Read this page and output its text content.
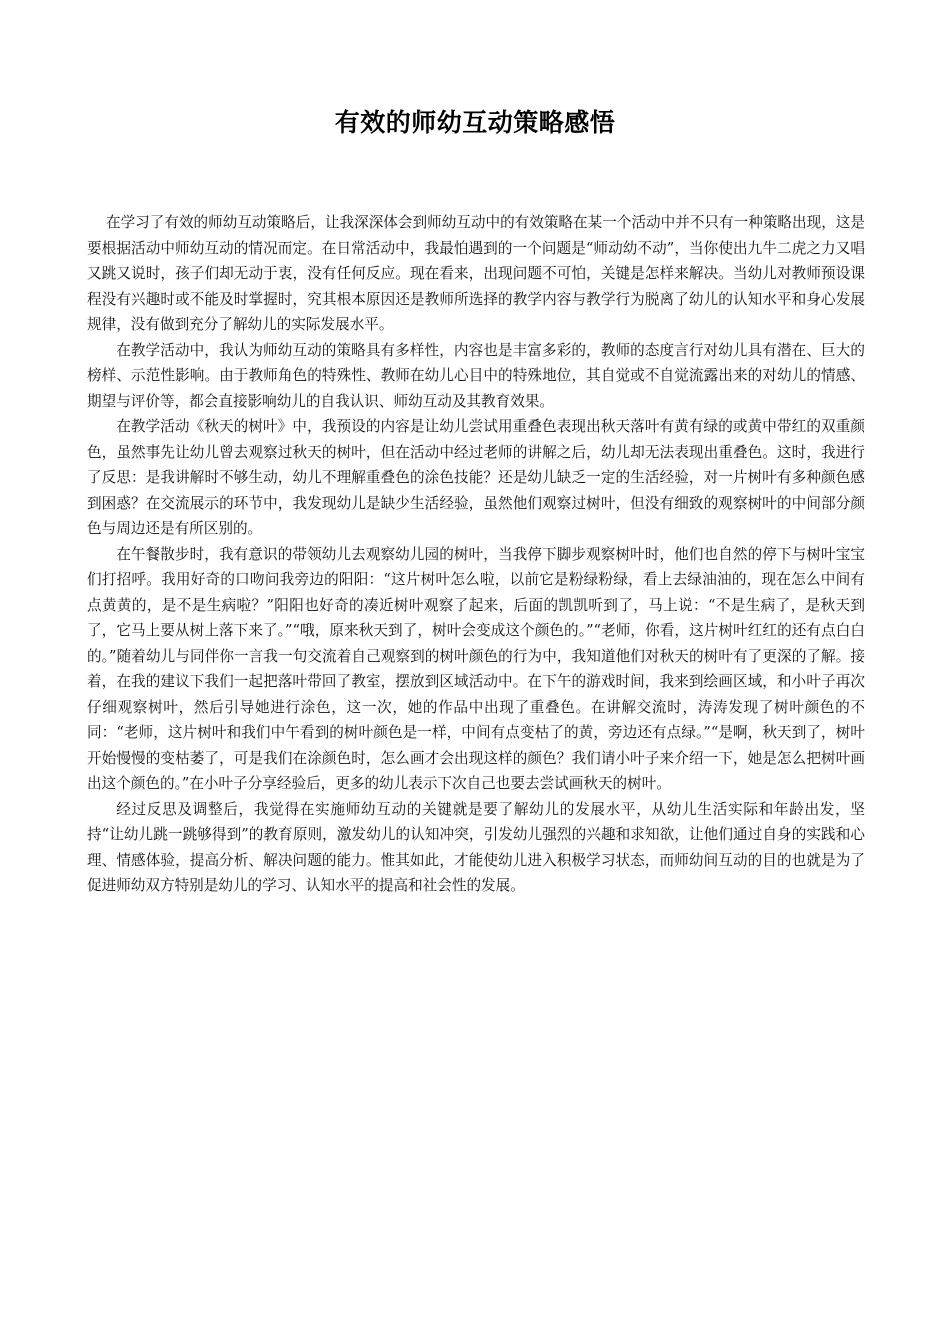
有效的师幼互动策略感悟

在学习了有效的师幼互动策略后，让我深深体会到师幼互动中的有效策略在某一个活动中并不只有一种策略出现，这是要根据活动中师幼互动的情况而定。在日常活动中，我最怕遇到的一个问题是“师动幼不动”，当你使出九牛二虎之力又唱又跳又说时，孩子们却无动于衷，没有任何反应。现在看来，出现问题不可怕，关键是怎样来解决。当幼儿对教师预设课程没有兴趣时或不能及时掌握时，究其根本原因还是教师所选择的教学内容与教学行为脱离了幼儿的认知水平和身心发展规律，没有做到充分了解幼儿的实际发展水平。

在教学活动中，我认为师幼互动的策略具有多样性，内容也是丰富多彩的，教师的态度言行对幼儿具有潜在、巨大的榜样、示范性影响。由于教师角色的特殊性、教师在幼儿心目中的特殊地位，其自觉或不自觉流露出来的对幼儿的情感、期望与评价等，都会直接影响幼儿的自我认识、师幼互动及其教育效果。

在教学活动《秋天的树叶》中，我预设的内容是让幼儿尝试用重叠色表现出秋天落叶有黄有绿的或黄中带红的双重颜色，虽然事先让幼儿曾去观察过秋天的树叶，但在活动中经过老师的讲解之后，幼儿却无法表现出重叠色。这时，我进行了反思：是我讲解时不够生动，幼儿不理解重叠色的涂色技能？还是幼儿缺乏一定的生活经验，对一片树叶有多种颜色感到困惑？在交流展示的环节中，我发现幼儿是缺少生活经验，虽然他们观察过树叶，但没有细致的观察树叶的中间部分颜色与周边还是有所区别的。

在午餐散步时，我有意识的带领幼儿去观察幼儿园的树叶，当我停下脚步观察树叶时，他们也自然的停下与树叶宝宝们打招呼。我用好奇的口吻问我旁边的阳阳：“这片树叶怎么啦，以前它是粉绿粉绿，看上去绿油油的，现在怎么中间有点黄黄的，是不是生病啦？”阳阳也好奇的凑近树叶观察了起来，后面的凯凯听到了，马上说：“不是生病了，是秋天到了，它马上要从树上落下来了。”“哦，原来秋天到了，树叶会变成这个颜色的。”“老师，你看，这片树叶红红的还有点白白的。”随着幼儿与同伴你一言我一句交流着自己观察到的树叶颜色的行为中，我知道他们对秋天的树叶有了更深的了解。接着，在我的建议下我们一起把落叶带回了教室，摆放到区域活动中。在下午的游戏时间，我来到绘画区域，和小叶子再次仔细观察树叶，然后引导她进行涂色，这一次，她的作品中出现了重叠色。在讲解交流时，涛涛发现了树叶颜色的不同：“老师，这片树叶和我们中午看到的树叶颜色是一样，中间有点变枯了的黄，旁边还有点绿。”“是啊，秋天到了，树叶开始慢慢的变枯萎了，可是我们在涂颜色时，怎么画才会出现这样的颜色？我们请小叶子来介绍一下，她是怎么把树叶画出这个颜色的。”在小叶子分享经验后，更多的幼儿表示下次自己也要去尝试画秋天的树叶。

经过反思及调整后，我觉得在实施师幼互动的关键就是要了解幼儿的发展水平，从幼儿生活实际和年龄出发，坚持“让幼儿跳一跳够得到”的教育原则，激发幼儿的认知冲突，引发幼儿强烈的兴趣和求知欲，让他们通过自身的实践和心理、情感体验，提高分析、解决问题的能力。惟其如此，才能使幼儿进入积极学习状态，而师幼间互动的目的也就是为了促进师幼双方特别是幼儿的学习、认知水平的提高和社会性的发展。
